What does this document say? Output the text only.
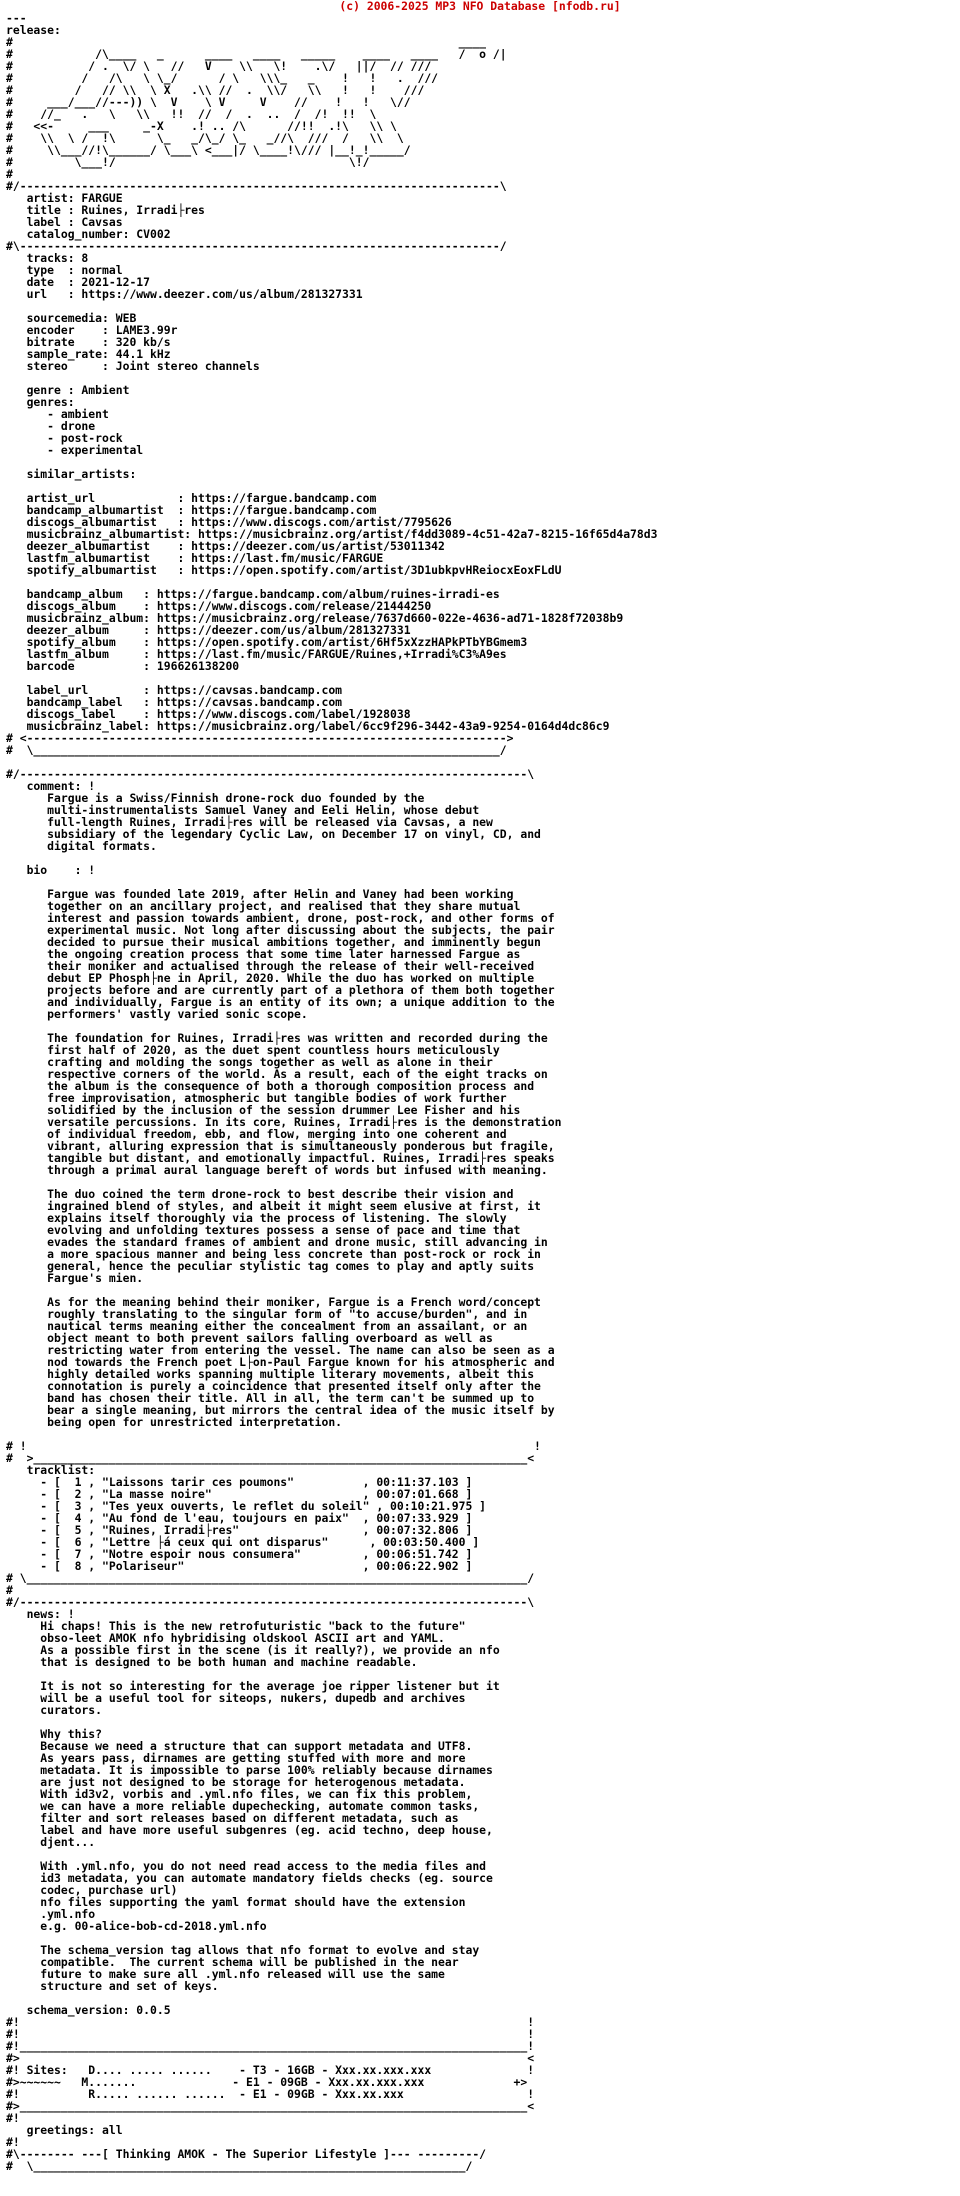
(c) 2006-2025 MP3 NFO Database [nfodb.ru]
---
release:
#                                                                 ____
#            /\____   _      ____   ____   _____    ____   ____   /  o /|
#           / .  \/ \   //   V    \\   \!    .\/   ||/  // ///
#          /   /\   \ \_/      / \   \\\_   _    !   !   .  ///
#         /   // \\  \ X   .\\ //  .  \\/   \\   !   !    ///
#     ___/___//---)) \  V    \ V     V    //    !   !   \//
#    //_   .   \   \\   !!  //  /  .  ..  /  /!  !!  \
#   <<-     ___     _-X    .! .. /\      //!!  .!\   \\ \
#    \\  \ /  !\      \_   _/\_/ \_   _//\  ///  /   \\  \
#     \\___//!\______/ \___\ <___|/ \____!\/// |__!_!_____/
#         \___!/                                  \!/
#
#/----------------------------------------------------------------------\
artist: FARGUE
title : Ruines, Irradi├res
label : Cavsas
catalog_number: CV002
#\----------------------------------------------------------------------/
tracks: 8
type  : normal
date  : 2021-12-17
url   : https://www.deezer.com/us/album/281327331

sourcemedia: WEB
encoder    : LAME3.99r
bitrate    : 320 kb/s
sample_rate: 44.1 kHz
stereo     : Joint stereo channels

genre : Ambient
genres:
- ambient
- drone
- post-rock
- experimental

similar_artists:

artist_url            : https://fargue.bandcamp.com
bandcamp_albumartist  : https://fargue.bandcamp.com
discogs_albumartist   : https://www.discogs.com/artist/7795626
musicbrainz_albumartist: https://musicbrainz.org/artist/f4dd3089-4c51-42a7-8215-16f65d4a78d3
deezer_albumartist    : https://deezer.com/us/artist/53011342
lastfm_albumartist    : https://last.fm/music/FARGUE
spotify_albumartist   : https://open.spotify.com/artist/3D1ubkpvHReiocxEoxFLdU

bandcamp_album   : https://fargue.bandcamp.com/album/ruines-irradi-es
discogs_album    : https://www.discogs.com/release/21444250
musicbrainz_album: https://musicbrainz.org/release/7637d660-022e-4636-ad71-1828f72038b9
deezer_album     : https://deezer.com/us/album/281327331
spotify_album    : https://open.spotify.com/artist/6Hf5xXzzHAPkPTbYBGmem3
lastfm_album     : https://last.fm/music/FARGUE/Ruines,+Irradi%C3%A9es
barcode          : 196626138200

label_url        : https://cavsas.bandcamp.com
bandcamp_label   : https://cavsas.bandcamp.com
discogs_label    : https://www.discogs.com/label/1928038
musicbrainz_label: https://musicbrainz.org/label/6cc9f296-3442-43a9-9254-0164d4dc86c9
# <---------------------------------------------------------------------->
#  \____________________________________________________________________/

#/--------------------------------------------------------------------------\
comment: !
Fargue is a Swiss/Finnish drone-rock duo founded by the
multi-instrumentalists Samuel Vaney and Eeli Helin, whose debut
full-length Ruines, Irradi├res will be released via Cavsas, a new
subsidiary of the legendary Cyclic Law, on December 17 on vinyl, CD, and
digital formats.

bio    : !

Fargue was founded late 2019, after Helin and Vaney had been working
together on an ancillary project, and realised that they share mutual
interest and passion towards ambient, drone, post-rock, and other forms of
experimental music. Not long after discussing about the subjects, the pair
decided to pursue their musical ambitions together, and imminently begun
the ongoing creation process that some time later harnessed Fargue as
their moniker and actualised through the release of their well-received
debut EP Phosph├ne in April, 2020. While the duo has worked on multiple
projects before and are currently part of a plethora of them both together
and individually, Fargue is an entity of its own; a unique addition to the
performers' vastly varied sonic scope.

The foundation for Ruines, Irradi├res was written and recorded during the
first half of 2020, as the duet spent countless hours meticulously
crafting and molding the songs together as well as alone in their
respective corners of the world. As a result, each of the eight tracks on
the album is the consequence of both a thorough composition process and
free improvisation, atmospheric but tangible bodies of work further
solidified by the inclusion of the session drummer Lee Fisher and his
versatile percussions. In its core, Ruines, Irradi├res is the demonstration
of individual freedom, ebb, and flow, merging into one coherent and
vibrant, alluring expression that is simultaneously ponderous but fragile,
tangible but distant, and emotionally impactful. Ruines, Irradi├res speaks
through a primal aural language bereft of words but infused with meaning.

The duo coined the term drone-rock to best describe their vision and
ingrained blend of styles, and albeit it might seem elusive at first, it
explains itself thoroughly via the process of listening. The slowly
evolving and unfolding textures possess a sense of pace and time that
evades the standard frames of ambient and drone music, still advancing in
a more spacious manner and being less concrete than post-rock or rock in
general, hence the peculiar stylistic tag comes to play and aptly suits
Fargue's mien.

As for the meaning behind their moniker, Fargue is a French word/concept
roughly translating to the singular form of "to accuse/burden", and in
nautical terms meaning either the concealment from an assailant, or an
object meant to both prevent sailors falling overboard as well as
restricting water from entering the vessel. The name can also be seen as a
nod towards the French poet L├on-Paul Fargue known for his atmospheric and
highly detailed works spanning multiple literary movements, albeit this
connotation is purely a coincidence that presented itself only after the
band has chosen their title. All in all, the term can't be summed up to
bear a single meaning, but mirrors the central idea of the music itself by
being open for unrestricted interpretation.

# !                                                                          !
#  >________________________________________________________________________<
tracklist:
- [  1 , "Laissons tarir ces poumons"          , 00:11:37.103 ]
- [  2 , "La masse noire"                      , 00:07:01.668 ]
- [  3 , "Tes yeux ouverts, le reflet du soleil" , 00:10:21.975 ]
- [  4 , "Au fond de l'eau, toujours en paix"  , 00:07:33.929 ]
- [  5 , "Ruines, Irradi├res"                  , 00:07:32.806 ]
- [  6 , "Lettre ├á ceux qui ont disparus"      , 00:03:50.400 ]
- [  7 , "Notre espoir nous consumera"         , 00:06:51.742 ]
- [  8 , "Polariseur"                          , 00:06:22.902 ]
# \_________________________________________________________________________/
#
#/--------------------------------------------------------------------------\
news: !
Hi chaps! This is the new retrofuturistic "back to the future"
obso-leet AMOK nfo hybridising oldskool ASCII art and YAML.
As a possible first in the scene (is it really?), we provide an nfo
that is designed to be both human and machine readable.

It is not so interesting for the average joe ripper listener but it
will be a useful tool for siteops, nukers, dupedb and archives
curators.

Why this?
Because we need a structure that can support metadata and UTF8.
As years pass, dirnames are getting stuffed with more and more
metadata. It is impossible to parse 100% reliably because dirnames
are just not designed to be storage for heterogenous metadata.
With id3v2, vorbis and .yml.nfo files, we can fix this problem,
we can have a more reliable dupechecking, automate common tasks,
filter and sort releases based on different metadata, such as
label and have more useful subgenres (eg. acid techno, deep house,
djent...

With .yml.nfo, you do not need read access to the media files and
id3 metadata, you can automate mandatory fields checks (eg. source
codec, purchase url)
nfo files supporting the yaml format should have the extension
.yml.nfo
e.g. 00-alice-bob-cd-2018.yml.nfo

The schema_version tag allows that nfo format to evolve and stay
compatible.  The current schema will be published in the near
future to make sure all .yml.nfo released will use the same
structure and set of keys.

schema_version: 0.0.5
#!                                                                          !
#!                                                                          !
#!__________________________________________________________________________!
#>                                                                          <
#! Sites:   D.... ..... ......    - T3 - 16GB - Xxx.xx.xxx.xxx              !
#>~~~~~~   M.......              - E1 - 09GB - Xxx.xx.xxx.xxx             +>
#!          R..... ...... ......  - E1 - 09GB - Xxx.xx.xxx                  !
#>__________________________________________________________________________<
#!
greetings: all
#!
#\-------- ---[ Thinking AMOK - The Superior Lifestyle ]--- ---------/
#  \_______________________________________________________________/
